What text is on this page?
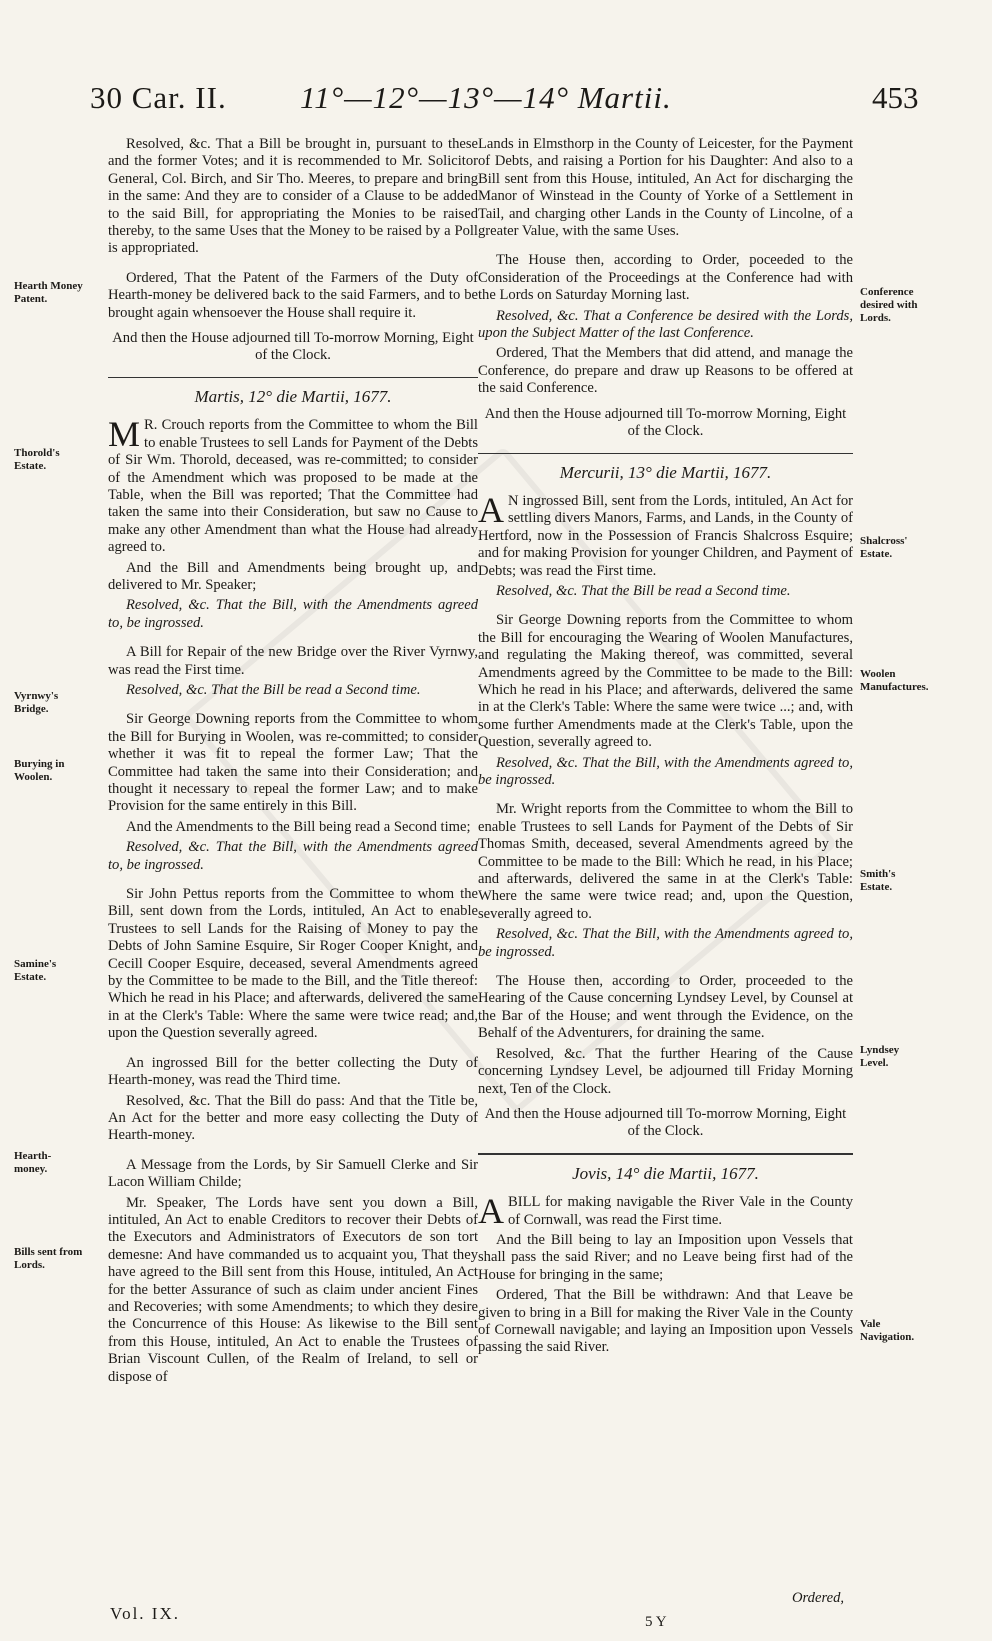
30 Car. II. 11°—12°—13°—14° Martii.	453
Hearth Money Patent.
Thorold's Estate.
Vyrnwy's Bridge.
Burying in Woolen.
Samine's Estate.
Hearth-money.
Bills sent from Lords.
Conference desired with Lords.
Shalcross' Estate.
Woolen Manufactures.
Smith's Estate.
Lyndsey Level.
Vale Navigation.

Resolved, &c. That a Bill be brought in, pursuant to these and the former Votes; and it is recommended to Mr. Solicitor General, Col. Birch, and Sir Tho. Meeres, to prepare and bring in the same: And they are to consider of a Clause to be added to the said Bill, for appropriating the Monies to be raised thereby, to the same Uses that the Money to be raised by a Poll is appropriated.

Ordered, That the Patent of the Farmers of the Duty of Hearth-money be delivered back to the said Farmers, and to be brought again whensoever the House shall require it.

And then the House adjourned till To-morrow Morning, Eight of the Clock.

Martis, 12° die Martii, 1677.

M R. Crouch reports from the Committee to whom the Bill to enable Trustees to sell Lands for Payment of the Debts of Sir Wm. Thorold, deceased, was re-committed; to consider of the Amendment which was proposed to be made at the Table, when the Bill was reported; That the Committee had taken the same into their Consideration, but saw no Cause to make any other Amendment than what the House had already agreed to.

And the Bill and Amendments being brought up, and delivered to Mr. Speaker;

Resolved, &c. That the Bill, with the Amendments agreed to, be ingrossed.

A Bill for Repair of the new Bridge over the River Vyrnwy, was read the First time.

Resolved, &c. That the Bill be read a Second time.

Sir George Downing reports from the Committee to whom the Bill for Burying in Woolen, was re-committed; to consider whether it was fit to repeal the former Law; That the Committee had taken the same into their Consideration; and thought it necessary to repeal the former Law; and to make Provision for the same entirely in this Bill.

And the Amendments to the Bill being read a Second time;

Resolved, &c. That the Bill, with the Amendments agreed to, be ingrossed.

Sir John Pettus reports from the Committee to whom the Bill, sent down from the Lords, intituled, An Act to enable Trustees to sell Lands for the Raising of Money to pay the Debts of John Samine Esquire, Sir Roger Cooper Knight, and Cecill Cooper Esquire, deceased, several Amendments agreed by the Committee to be made to the Bill, and the Title thereof: Which he read in his Place; and afterwards, delivered the same in at the Clerk's Table: Where the same were twice read; and, upon the Question severally agreed.

An ingrossed Bill for the better collecting the Duty of Hearth-money, was read the Third time.

Resolved, &c. That the Bill do pass: And that the Title be, An Act for the better and more easy collecting the Duty of Hearth-money.

A Message from the Lords, by Sir Samuell Clerke and Sir Lacon William Childe;

Mr. Speaker, The Lords have sent you down a Bill, intituled, An Act to enable Creditors to recover their Debts of the Executors and Administrators of Executors de son tort demesne: And have commanded us to acquaint you, That they have agreed to the Bill sent from this House, intituled, An Act for the better Assurance of such as claim under ancient Fines and Recoveries; with some Amendments; to which they desire the Concurrence of this House: As likewise to the Bill sent from this House, intituled, An Act to enable the Trustees of Brian Viscount Cullen, of the Realm of Ireland, to sell or dispose of

Lands in Elmsthorp in the County of Leicester, for the Payment of Debts, and raising a Portion for his Daughter: And also to a Bill sent from this House, intituled, An Act for discharging the Manor of Winstead in the County of Yorke of a Settlement in Tail, and charging other Lands in the County of Lincolne, of a greater Value, with the same Uses.

The House then, according to Order, poceeded to the Consideration of the Proceedings at the Conference had with the Lords on Saturday Morning last.

Resolved, &c. That a Conference be desired with the Lords, upon the Subject Matter of the last Conference.

Ordered, That the Members that did attend, and manage the Conference, do prepare and draw up Reasons to be offered at the said Conference.

And then the House adjourned till To-morrow Morning, Eight of the Clock.

Mercurii, 13° die Martii, 1677.

A N ingrossed Bill, sent from the Lords, intituled, An Act for settling divers Manors, Farms, and Lands, in the County of Hertford, now in the Possession of Francis Shalcross Esquire; and for making Provision for younger Children, and Payment of Debts; was read the First time.

Resolved, &c. That the Bill be read a Second time.

Sir George Downing reports from the Committee to whom the Bill for encouraging the Wearing of Woolen Manufactures, and regulating the Making thereof, was committed, several Amendments agreed by the Committee to be made to the Bill: Which he read in his Place; and afterwards, delivered the same in at the Clerk's Table: Where the same were twice ...; and, with some further Amendments made at the Clerk's Table, upon the Question, severally agreed to.

Resolved, &c. That the Bill, with the Amendments agreed to, be ingrossed.

Mr. Wright reports from the Committee to whom the Bill to enable Trustees to sell Lands for Payment of the Debts of Sir Thomas Smith, deceased, several Amendments agreed by the Committee to be made to the Bill: Which he read, in his Place; and afterwards, delivered the same in at the Clerk's Table: Where the same were twice read; and, upon the Question, severally agreed to.

Resolved, &c. That the Bill, with the Amendments agreed to, be ingrossed.

The House then, according to Order, proceeded to the Hearing of the Cause concerning Lyndsey Level, by Counsel at the Bar of the House; and went through the Evidence, on the Behalf of the Adventurers, for draining the same.

Resolved, &c. That the further Hearing of the Cause concerning Lyndsey Level, be adjourned till Friday Morning next, Ten of the Clock.

And then the House adjourned till To-morrow Morning, Eight of the Clock.

Jovis, 14° die Martii, 1677.

ABILL for making navigable the River Vale in the County of Cornwall, was read the First time.

And the Bill being to lay an Imposition upon Vessels that shall pass the said River; and no Leave being first had of the House for bringing in the same;

Ordered, That the Bill be withdrawn: And that Leave be given to bring in a Bill for making the River Vale in the County of Cornewall navigable; and laying an Imposition upon Vessels passing the said River.

Vol. IX.
Ordered,
5 Y
